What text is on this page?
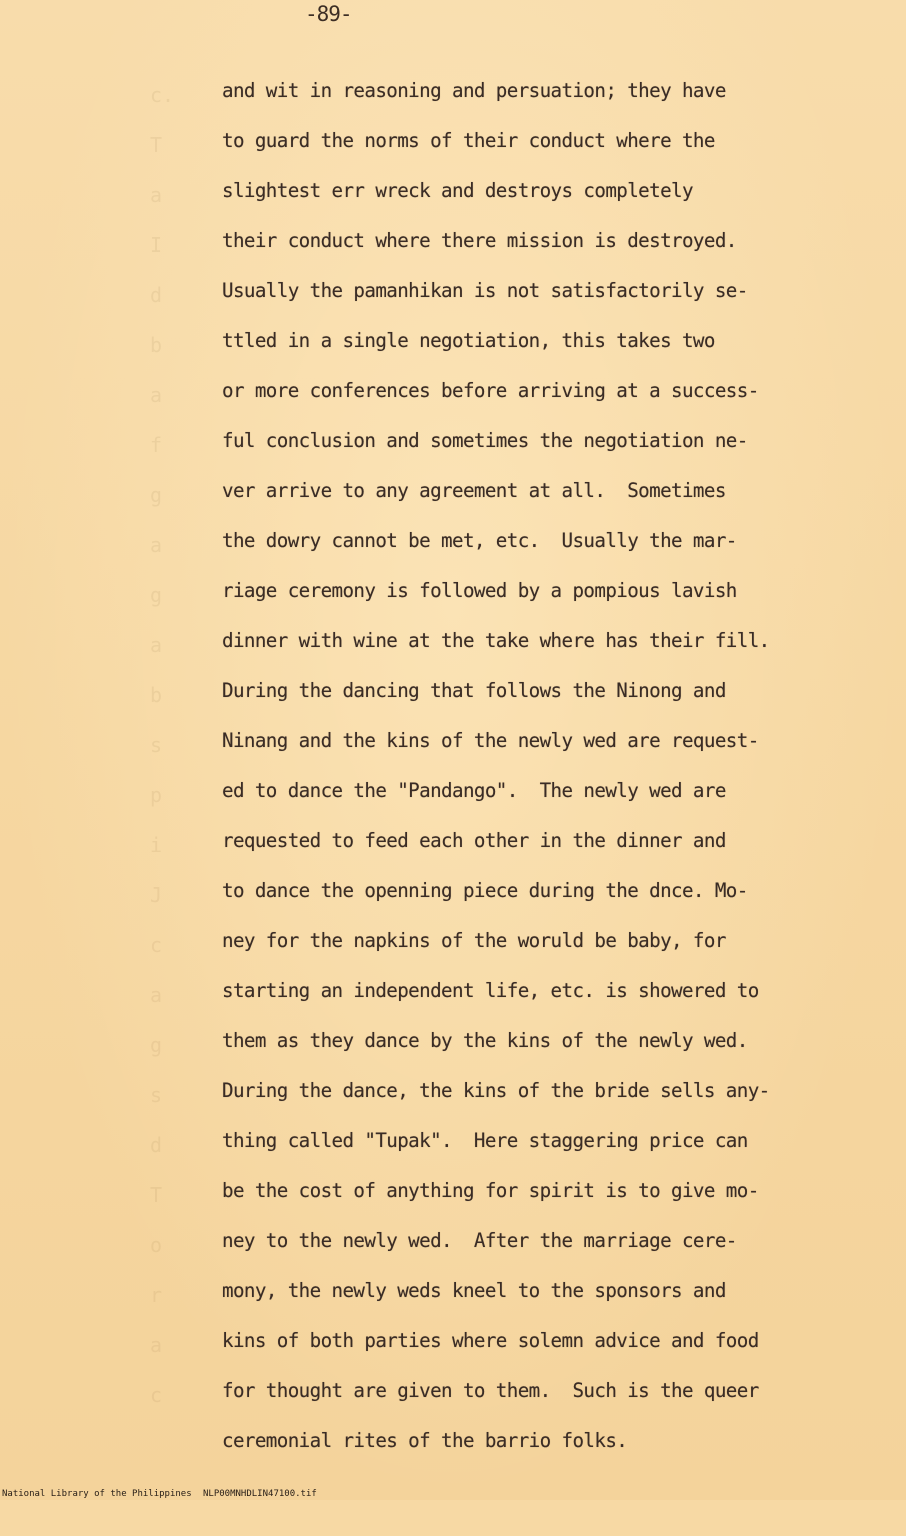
c.
T
a
I
d
b
a
f
g
a
g
a
b
s
p
i
J
c
a
g
s
d
T
o
r
a
c
-89-
and wit in reasoning and persuation; they have
to guard the norms of their conduct where the
slightest err wreck and destroys completely
their conduct where there mission is destroyed.
Usually the pamanhikan is not satisfactorily se-
ttled in a single negotiation, this takes two
or more conferences before arriving at a success-
ful conclusion and sometimes the negotiation ne-
ver arrive to any agreement at all.  Sometimes
the dowry cannot be met, etc.  Usually the mar-
riage ceremony is followed by a pompious lavish
dinner with wine at the take where has their fill.
During the dancing that follows the Ninong and
Ninang and the kins of the newly wed are request-
ed to dance the "Pandango".  The newly wed are
requested to feed each other in the dinner and
to dance the openning piece during the dnce. Mo-
ney for the napkins of the woruld be baby, for
starting an independent life, etc. is showered to
them as they dance by the kins of the newly wed.
During the dance, the kins of the bride sells any-
thing called "Tupak".  Here staggering price can
be the cost of anything for spirit is to give mo-
ney to the newly wed.  After the marriage cere-
mony, the newly weds kneel to the sponsors and
kins of both parties where solemn advice and food
for thought are given to them.  Such is the queer
ceremonial rites of the barrio folks.

National Library of the Philippines

NLP00MNHDLIN47100.tif
